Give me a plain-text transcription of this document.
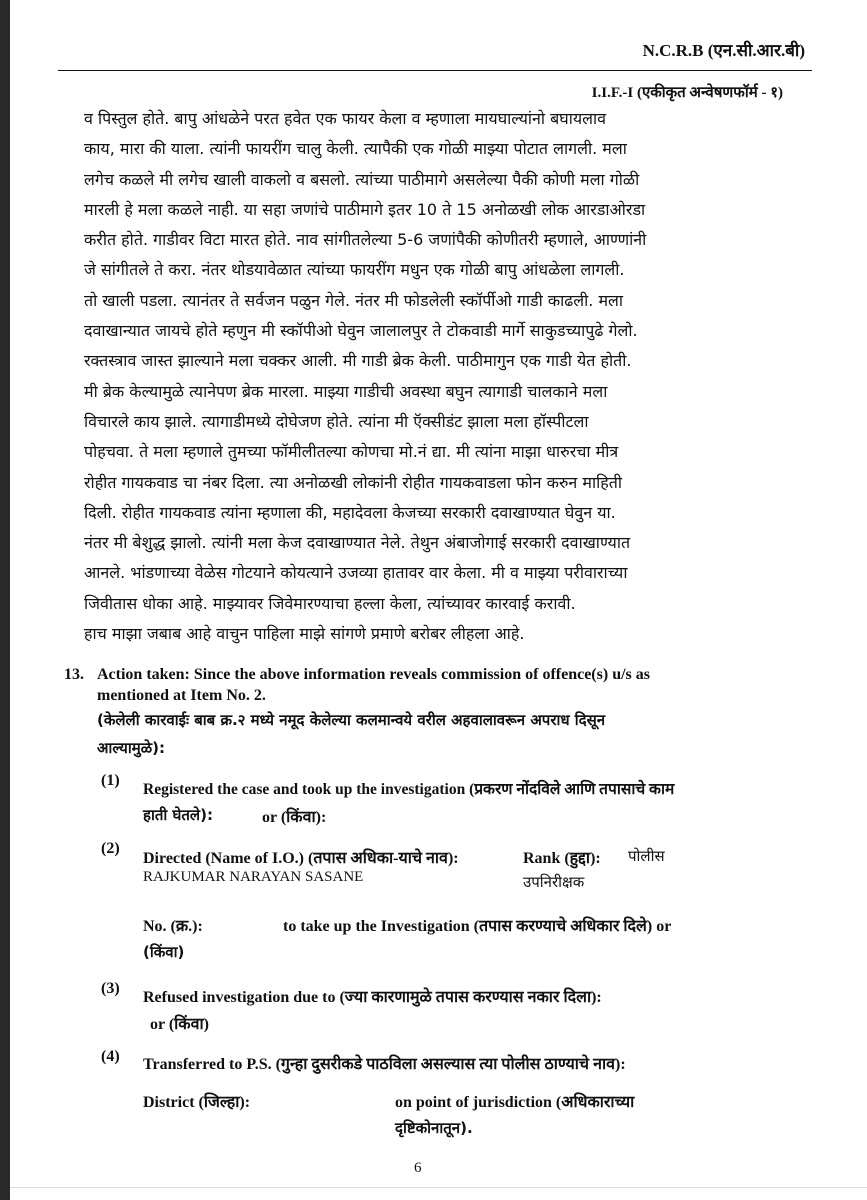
N.C.R.B (एन.सी.आर.बी)
I.I.F.-I (एकीकृत अन्वेषणफॉर्म - १)
व पिस्तुल होते. बापु आंधळेने परत हवेत एक फायर केला व म्हणाला मायघाल्यांनो बघायलाव
काय, मारा की याला. त्यांनी फायरींग चालु केली. त्यापैकी एक गोळी माझ्या पोटात लागली. मला
लगेच कळले मी लगेच खाली वाकलो व बसलो. त्यांच्या पाठीमागे असलेल्या पैकी कोणी मला गोळी
मारली हे मला कळले नाही. या सहा जणांचे पाठीमागे इतर 10 ते 15 अनोळखी लोक आरडाओरडा
करीत होते. गाडीवर विटा मारत होते. नाव सांगीतलेल्या 5-6 जणांपैकी कोणीतरी म्हणाले, आण्णांनी
जे सांगीतले ते करा. नंतर थोडयावेळात त्यांच्या फायरींग मधुन एक गोळी बापु आंधळेला लागली.
तो खाली पडला. त्यानंतर ते सर्वजन पळुन गेले. नंतर मी फोडलेली स्कॉर्पीओ गाडी काढली. मला
दवाखान्यात जायचे होते म्हणुन मी स्कॉपीओ घेवुन जालालपुर ते टोकवाडी मार्गे साकुडच्यापुढे गेलो.
रक्तस्त्राव जास्त झाल्याने मला चक्कर आली. मी गाडी ब्रेक केली. पाठीमागुन एक गाडी येत होती.
मी ब्रेक केल्यामुळे त्यानेपण ब्रेक मारला. माझ्या गाडीची अवस्था बघुन त्यागाडी चालकाने मला
विचारले काय झाले. त्यागाडीमध्ये दोघेजण होते. त्यांना मी ऍक्सीडंट झाला मला हॉस्पीटला
पोहचवा. ते मला म्हणाले तुमच्या फॉमीलीतल्या कोणचा मो.नं द्या. मी त्यांना माझा धारुरचा मीत्र
रोहीत गायकवाड चा नंबर दिला. त्या अनोळखी लोकांनी रोहीत गायकवाडला फोन करुन माहिती
दिली. रोहीत गायकवाड त्यांना म्हणाला की, महादेवला केजच्या सरकारी दवाखाण्यात घेवुन या.
नंतर मी बेशुद्ध झालो. त्यांनी मला केज दवाखाण्यात नेले. तेथुन अंबाजोगाई सरकारी दवाखाण्यात
आनले. भांडणाच्या वेळेस गोटयाने कोयत्याने उजव्या हातावर वार केला. मी व माझ्या परीवाराच्या
जिवीतास धोका आहे. माझ्यावर जिवेमारण्याचा हल्ला केला, त्यांच्यावर कारवाई करावी.
हाच माझा जबाब आहे वाचुन पाहिला माझे सांगणे प्रमाणे बरोबर लीहला आहे.
13. Action taken: Since the above information reveals commission of offence(s) u/s as
mentioned at Item No. 2.
(केलेली कारवाईः बाब क्र.२ मध्ये नमूद केलेल्या कलमान्वये वरील अहवालावरून अपराध दिसून
आल्यामुळे):
(1)
Registered the case and took up the investigation (प्रकरण नोंदविले आणि तपासाचे काम
हाती घेतले):	or (किंवा):
(2)
Directed (Name of I.O.) (तपास अधिका-याचे नाव):
RAJKUMAR NARAYAN SASANE
Rank (हुद्दा): पोलीस
उपनिरीक्षक
No. (क्र.):	to take up the Investigation (तपास करण्याचे अधिकार दिले) or
(किंवा)
(3)
Refused investigation due to (ज्या कारणामुळे तपास करण्यास नकार दिला):
or (किंवा)
(4) Transferred to P.S. (गुन्हा दुसरीकडे पाठविला असल्यास त्या पोलीस ठाण्याचे नाव):
District (जिल्हा):	on point of jurisdiction (अधिकाराच्या
दृष्टिकोनातून).
6
